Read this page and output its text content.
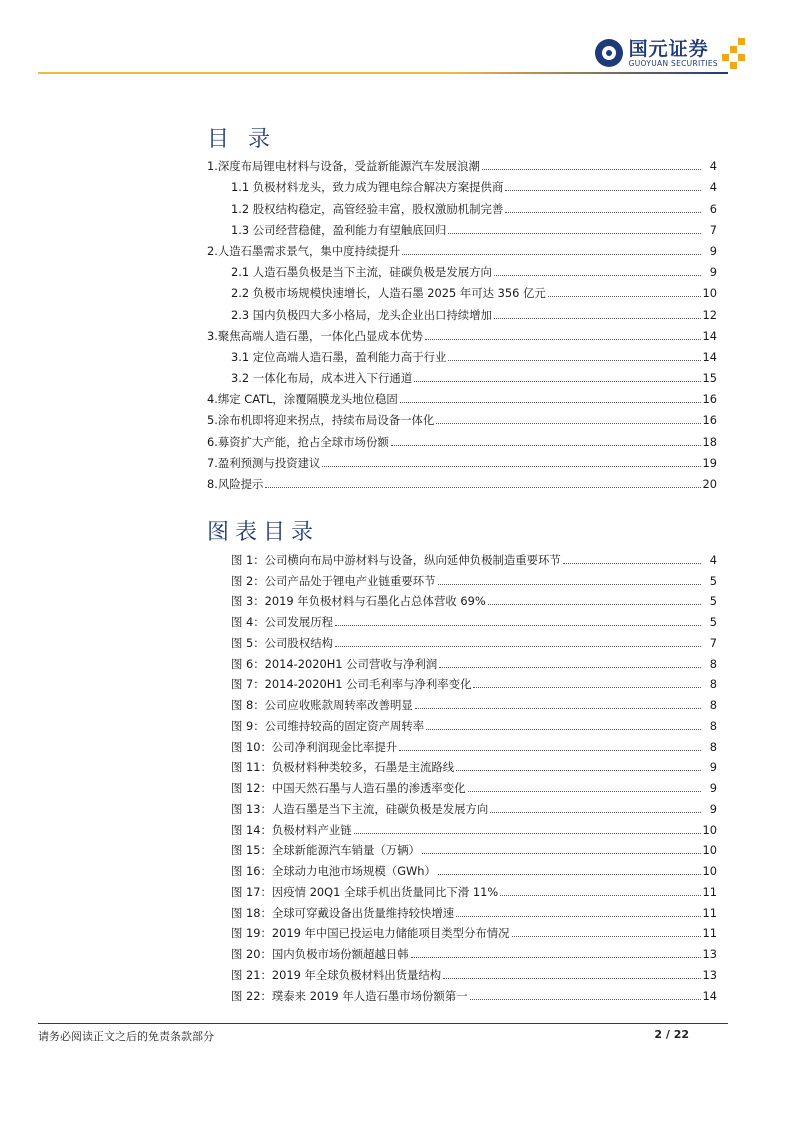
国元证券
GUOYUAN SECURITIES
目 录
1.深度布局锂电材料与设备，受益新能源汽车发展浪潮	4
1.1 负极材料龙头，致力成为锂电综合解决方案提供商	4
1.2 股权结构稳定，高管经验丰富，股权激励机制完善	6
1.3 公司经营稳健，盈利能力有望触底回归	7
2.人造石墨需求景气，集中度持续提升	9
2.1 人造石墨负极是当下主流，硅碳负极是发展方向	9
2.2 负极市场规模快速增长，人造石墨 2025 年可达 356 亿元	10
2.3 国内负极四大多小格局，龙头企业出口持续增加	12
3.聚焦高端人造石墨，一体化凸显成本优势	14
3.1 定位高端人造石墨，盈利能力高于行业	14
3.2 一体化布局，成本进入下行通道	15
4.绑定 CATL，涂覆隔膜龙头地位稳固	16
5.涂布机即将迎来拐点，持续布局设备一体化	16
6.募资扩大产能，抢占全球市场份额	18
7.盈利预测与投资建议	19
8.风险提示	20
图表目录
图 1：公司横向布局中游材料与设备，纵向延伸负极制造重要环节	4
图 2：公司产品处于锂电产业链重要环节	5
图 3：2019 年负极材料与石墨化占总体营收 69%	5
图 4：公司发展历程	5
图 5：公司股权结构	7
图 6：2014-2020H1 公司营收与净利润	8
图 7：2014-2020H1 公司毛利率与净利率变化	8
图 8：公司应收账款周转率改善明显	8
图 9：公司维持较高的固定资产周转率	8
图 10：公司净利润现金比率提升	8
图 11：负极材料种类较多，石墨是主流路线	9
图 12：中国天然石墨与人造石墨的渗透率变化	9
图 13：人造石墨是当下主流，硅碳负极是发展方向	9
图 14：负极材料产业链	10
图 15：全球新能源汽车销量（万辆）	10
图 16：全球动力电池市场规模（GWh）	10
图 17：因疫情 20Q1 全球手机出货量同比下滑 11%	11
图 18：全球可穿戴设备出货量维持较快增速	11
图 19：2019 年中国已投运电力储能项目类型分布情况	11
图 20：国内负极市场份额超越日韩	13
图 21：2019 年全球负极材料出货量结构	13
图 22：璞泰来 2019 年人造石墨市场份额第一	14
请务必阅读正文之后的免责条款部分	2 / 22
